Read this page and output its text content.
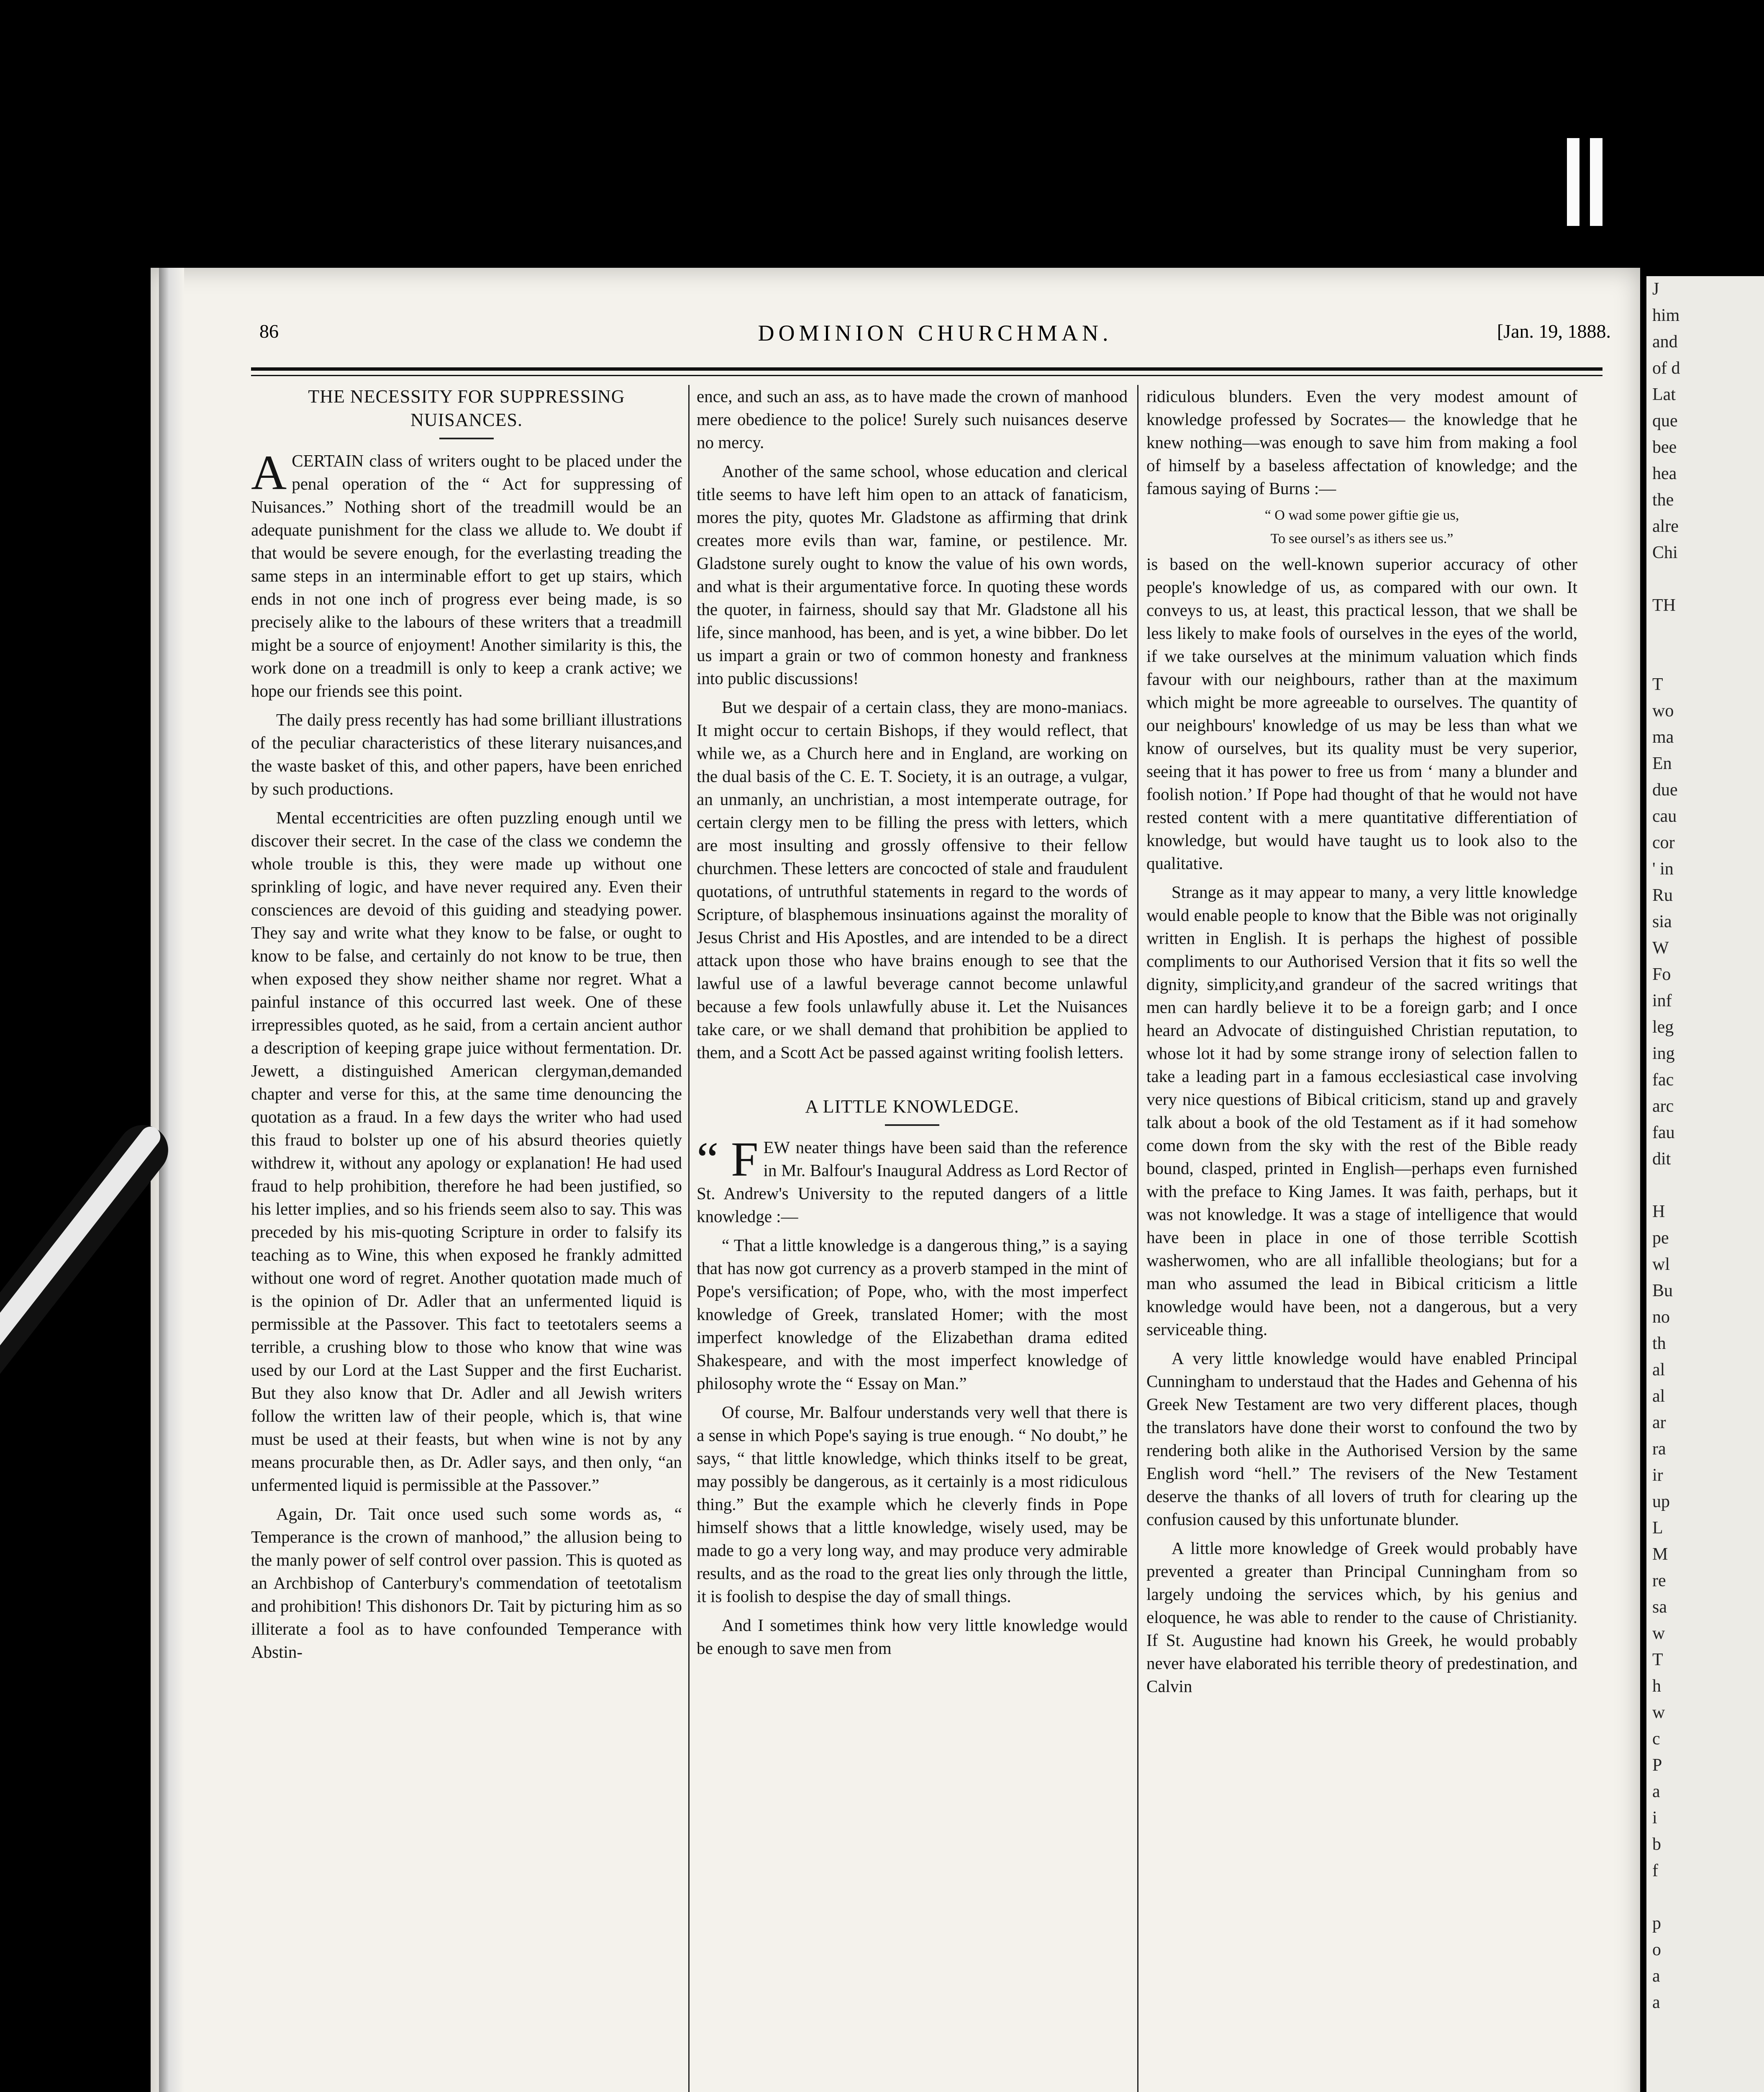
J
him
and
of d
Lat
que
bee
hea
the
alre
Chi

TH

T
wo
ma
En
due
cau
cor
' in
Ru
sia
W
Fo
inf
leg
ing
fac
arc
fau
dit

H
pe
wl
Bu
no
th
al
al
ar
ra
ir
up
L
M
re
sa
w
T
h
w
c
P
a
i
b
f

p
o
a
a
86	DOMINION CHURCHMAN.	[Jan. 19, 1888.
THE NECESSITY FOR SUPPRESSING NUISANCES.

ACERTAIN class of writers ought to be placed under the penal operation of the “ Act for suppressing of Nuisances.” Nothing short of the treadmill would be an adequate punishment for the class we allude to. We doubt if that would be severe enough, for the everlasting treading the same steps in an interminable effort to get up stairs, which ends in not one inch of progress ever being made, is so precisely alike to the labours of these writers that a treadmill might be a source of enjoyment! Another similarity is this, the work done on a treadmill is only to keep a crank active; we hope our friends see this point.

The daily press recently has had some brilliant illustrations of the peculiar characteristics of these literary nuisances,and the waste basket of this, and other papers, have been enriched by such productions.

Mental eccentricities are often puzzling enough until we discover their secret. In the case of the class we condemn the whole trouble is this, they were made up without one sprinkling of logic, and have never required any. Even their consciences are devoid of this guiding and steadying power. They say and write what they know to be false, or ought to know to be false, and certainly do not know to be true, then when exposed they show neither shame nor regret. What a painful instance of this occurred last week. One of these irrepressibles quoted, as he said, from a certain ancient author a description of keeping grape juice without fermentation. Dr. Jewett, a distinguished American clergyman,demanded chapter and verse for this, at the same time denouncing the quotation as a fraud. In a few days the writer who had used this fraud to bolster up one of his absurd theories quietly withdrew it, without any apology or explanation! He had used fraud to help prohibition, therefore he had been justified, so his letter implies, and so his friends seem also to say. This was preceded by his mis-quoting Scripture in order to falsify its teaching as to Wine, this when exposed he frankly admitted without one word of regret. Another quotation made much of is the opinion of Dr. Adler that an unfermented liquid is permissible at the Passover. This fact to teetotalers seems a terrible, a crushing blow to those who know that wine was used by our Lord at the Last Supper and the first Eucharist. But they also know that Dr. Adler and all Jewish writers follow the written law of their people, which is, that wine must be used at their feasts, but when wine is not by any means procurable then, as Dr. Adler says, and then only, “an unfermented liquid is permissible at the Passover.”

Again, Dr. Tait once used such some words as, “ Temperance is the crown of manhood,” the allusion being to the manly power of self control over passion. This is quoted as an Archbishop of Canterbury's commendation of teetotalism and prohibition! This dishonors Dr. Tait by picturing him as so illiterate a fool as to have confounded Temperance with Abstin-

ence, and such an ass, as to have made the crown of manhood mere obedience to the police! Surely such nuisances deserve no mercy.

Another of the same school, whose education and clerical title seems to have left him open to an attack of fanaticism, mores the pity, quotes Mr. Gladstone as affirming that drink creates more evils than war, famine, or pestilence. Mr. Gladstone surely ought to know the value of his own words, and what is their argumentative force. In quoting these words the quoter, in fairness, should say that Mr. Gladstone all his life, since manhood, has been, and is yet, a wine bibber. Do let us impart a grain or two of common honesty and frankness into public discussions!

But we despair of a certain class, they are mono-maniacs. It might occur to certain Bishops, if they would reflect, that while we, as a Church here and in England, are working on the dual basis of the C. E. T. Society, it is an outrage, a vulgar, an unmanly, an unchristian, a most intemperate outrage, for certain clergy men to be filling the press with letters, which are most insulting and grossly offensive to their fellow churchmen. These letters are concocted of stale and fraudulent quotations, of untruthful statements in regard to the words of Scripture, of blasphemous insinuations against the morality of Jesus Christ and His Apostles, and are intended to be a direct attack upon those who have brains enough to see that the lawful use of a lawful beverage cannot become unlawful because a few fools unlawfully abuse it. Let the Nuisances take care, or we shall demand that prohibition be applied to them, and a Scott Act be passed against writing foolish letters.

A LITTLE KNOWLEDGE.

“ F EW neater things have been said than the reference in Mr. Balfour's Inaugural Address as Lord Rector of St. Andrew's University to the reputed dangers of a little knowledge :—

“ That a little knowledge is a dangerous thing,” is a saying that has now got currency as a proverb stamped in the mint of Pope's versification; of Pope, who, with the most imperfect knowledge of Greek, translated Homer; with the most imperfect knowledge of the Elizabethan drama edited Shakespeare, and with the most imperfect knowledge of philosophy wrote the “ Essay on Man.”

Of course, Mr. Balfour understands very well that there is a sense in which Pope's saying is true enough. “ No doubt,” he says, “ that little knowledge, which thinks itself to be great, may possibly be dangerous, as it certainly is a most ridiculous thing.” But the example which he cleverly finds in Pope himself shows that a little knowledge, wisely used, may be made to go a very long way, and may produce very admirable results, and as the road to the great lies only through the little, it is foolish to despise the day of small things.

And I sometimes think how very little knowledge would be enough to save men from

ridiculous blunders. Even the very modest amount of knowledge professed by Socrates— the knowledge that he knew nothing—was enough to save him from making a fool of himself by a baseless affectation of knowledge; and the famous saying of Burns :—

“ O wad some power giftie gie us,
To see oursel’s as ithers see us.”

is based on the well-known superior accuracy of other people's knowledge of us, as compared with our own. It conveys to us, at least, this practical lesson, that we shall be less likely to make fools of ourselves in the eyes of the world, if we take ourselves at the minimum valuation which finds favour with our neighbours, rather than at the maximum which might be more agreeable to ourselves. The quantity of our neighbours' knowledge of us may be less than what we know of ourselves, but its quality must be very superior, seeing that it has power to free us from ‘ many a blunder and foolish notion.’ If Pope had thought of that he would not have rested content with a mere quantitative differentiation of knowledge, but would have taught us to look also to the qualitative.

Strange as it may appear to many, a very little knowledge would enable people to know that the Bible was not originally written in English. It is perhaps the highest of possible compliments to our Authorised Version that it fits so well the dignity, simplicity,and grandeur of the sacred writings that men can hardly believe it to be a foreign garb; and I once heard an Advocate of distinguished Christian reputation, to whose lot it had by some strange irony of selection fallen to take a leading part in a famous ecclesiastical case involving very nice questions of Bibical criticism, stand up and gravely talk about a book of the old Testament as if it had somehow come down from the sky with the rest of the Bible ready bound, clasped, printed in English—perhaps even furnished with the preface to King James. It was faith, perhaps, but it was not knowledge. It was a stage of intelligence that would have been in place in one of those terrible Scottish washerwomen, who are all infallible theologians; but for a man who assumed the lead in Bibical criticism a little knowledge would have been, not a dangerous, but a very serviceable thing.

A very little knowledge would have enabled Principal Cunningham to understaud that the Hades and Gehenna of his Greek New Testament are two very different places, though the translators have done their worst to confound the two by rendering both alike in the Authorised Version by the same English word “hell.” The revisers of the New Testament deserve the thanks of all lovers of truth for clearing up the confusion caused by this unfortunate blunder.

A little more knowledge of Greek would probably have prevented a greater than Principal Cunningham from so largely undoing the services which, by his genius and eloquence, he was able to render to the cause of Christianity. If St. Augustine had known his Greek, he would probably never have elaborated his terrible theory of predestination, and Calvin
